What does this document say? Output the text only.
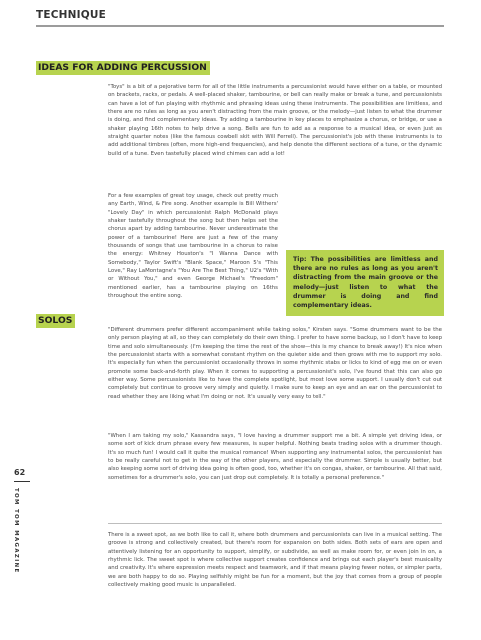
TECHNIQUE
IDEAS FOR ADDING PERCUSSION

"Toys" is a bit of a pejorative term for all of the little instruments a percussionist would have either on a table, or mounted on brackets, racks, or pedals. A well-placed shaker, tambourine, or bell can really make or break a tune, and percussionists can have a lot of fun playing with rhythmic and phrasing ideas using these instruments. The possibilities are limitless, and there are no rules as long as you aren't distracting from the main groove, or the melody—just listen to what the drummer is doing, and find complementary ideas. Try adding a tambourine in key places to emphasize a chorus, or bridge, or use a shaker playing 16th notes to help drive a song. Bells are fun to add as a response to a musical idea, or even just as straight quarter notes (like the famous cowbell skit with Will Ferrell). The percussionist's job with these instruments is to add additional timbres (often, more high-end frequencies), and help denote the different sections of a tune, or the dynamic build of a tune. Even tastefully placed wind chimes can add a lot!

For a few examples of great toy usage, check out pretty much any Earth, Wind, & Fire song. Another example is Bill Withers' "Lovely Day" in which percussionist Ralph McDonald plays shaker tastefully throughout the song but then helps set the chorus apart by adding tambourine. Never underestimate the power of a tambourine! Here are just a few of the many thousands of songs that use tambourine in a chorus to raise the energy: Whitney Houston's "I Wanna Dance with Somebody," Taylor Swift's "Blank Space," Maroon 5's "This Love," Ray LaMontagne's "You Are The Best Thing," U2's "With or Without You," and even George Michael's "Freedom" mentioned earlier, has a tambourine playing on 16ths throughout the entire song.

Tip: The possibilities are limitless and there are no rules as long as you aren't distracting from the main groove or the melody—just listen to what the drummer is doing and find complementary ideas.
SOLOS

"Different drummers prefer different accompaniment while taking solos," Kirsten says. "Some drummers want to be the only person playing at all, so they can completely do their own thing. I prefer to have some backup, so I don't have to keep time and solo simultaneously. (I'm keeping the time the rest of the show—this is my chance to break away!) It's nice when the percussionist starts with a somewhat constant rhythm on the quieter side and then grows with me to support my solo. It's especially fun when the percussionist occasionally throws in some rhythmic stabs or licks to kind of egg me on or even promote some back-and-forth play. When it comes to supporting a percussionist's solo, I've found that this can also go either way. Some percussionists like to have the complete spotlight, but most love some support. I usually don't cut out completely but continue to groove very simply and quietly. I make sure to keep an eye and an ear on the percussionist to read whether they are liking what I'm doing or not. It's usually very easy to tell."

"When I am taking my solo," Kassandra says, "I love having a drummer support me a bit. A simple yet driving idea, or some sort of kick drum phrase every few measures, is super helpful. Nothing beats trading solos with a drummer though. It's so much fun! I would call it quite the musical romance! When supporting any instrumental solos, the percussionist has to be really careful not to get in the way of the other players, and especially the drummer. Simple is usually better, but also keeping some sort of driving idea going is often good, too, whether it's on congas, shaker, or tambourine. All that said, sometimes for a drummer's solo, you can just drop out completely. It is totally a personal preference."

There is a sweet spot, as we both like to call it, where both drummers and percussionists can live in a musical setting. The groove is strong and collectively created, but there's room for expansion on both sides. Both sets of ears are open and attentively listening for an opportunity to support, simplify, or subdivide, as well as make room for, or even join in on, a rhythmic lick. The sweet spot is where collective support creates confidence and brings out each player's best musicality and creativity. It's where expression meets respect and teamwork, and if that means playing fewer notes, or simpler parts, we are both happy to do so. Playing selfishly might be fun for a moment, but the joy that comes from a group of people collectively making good music is unparalleled.

62
TOM TOM MAGAZINE
